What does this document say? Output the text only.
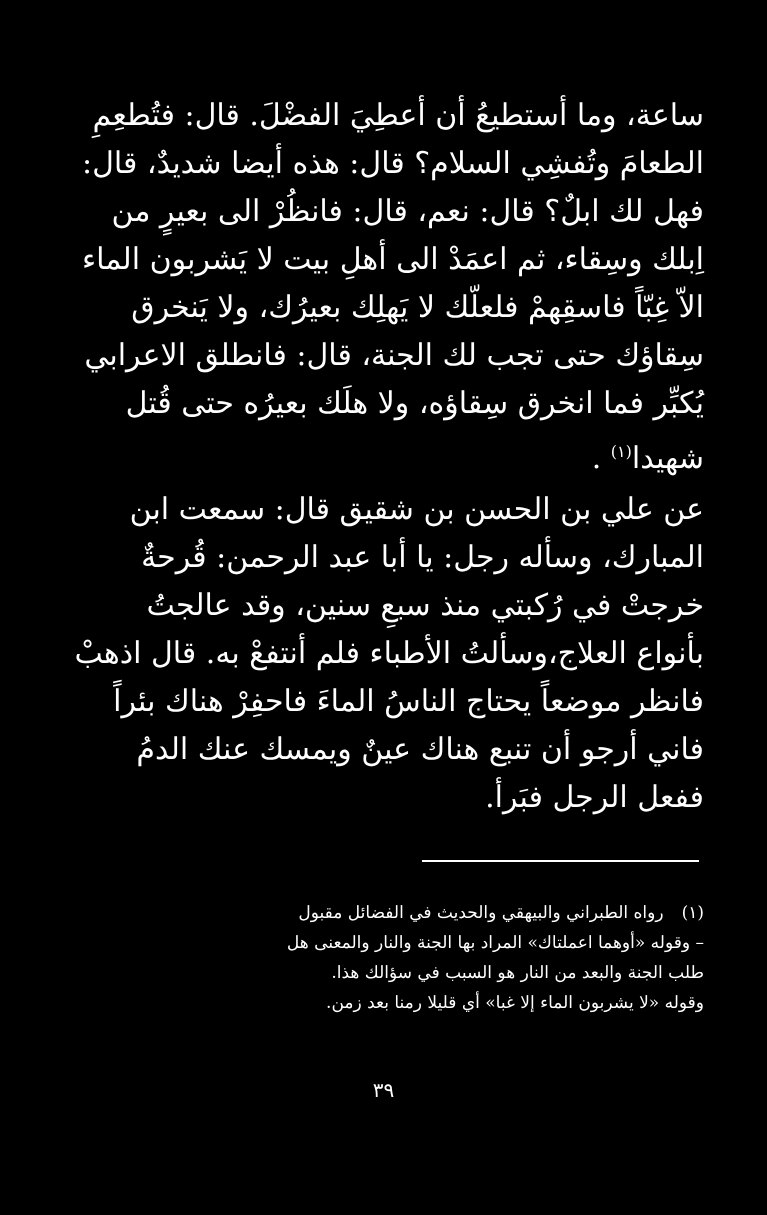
ساعة، وما أستطيعُ أن أعطِيَ الفضْلَ. قال: فتُطعِمِ
الطعامَ وتُفشِي السلام؟ قال: هذه أيضا شديدٌ، قال:
فهل لك ابلٌ؟ قال: نعم، قال: فانظُرْ الى بعيرٍ من
اِبلك وسِقاء، ثم اعمَدْ الى أهلِ بيت لا يَشربون الماء
الاّ غِبّاً فاسقِهمْ فلعلّك لا يَهلِك بعيرُك، ولا يَنخرق
سِقاؤك حتى تجب لك الجنة، قال: فانطلق الاعرابي
يُكبِّر فما انخرق سِقاؤه، ولا هلَك بعيرُه حتى قُتل
شهيدا$^{(١)}$ .
عن علي بن الحسن بن شقيق قال: سمعت ابن
المبارك، وسأله رجل: يا أبا عبد الرحمن: قُرحةٌ
خرجتْ في رُكبتي منذ سبعِ سنين، وقد عالجتُ
بأنواع العلاج،وسألتُ الأطباء فلم أنتفعْ به. قال اذهبْ
فانظر موضعاً يحتاج الناسُ الماءَ فاحفِرْ هناك بئراً
فاني أرجو أن تنبع هناك عينٌ ويمسك عنك الدمُ
ففعل الرجل فبَرأ.
(١)رواه الطبراني والبيهقي والحديث في الفضائل مقبول
– وقوله «أوهما اعملتاك» المراد بها الجنة والنار والمعنى هل
طلب الجنة والبعد من النار هو السبب في سؤالك هذا.
وقوله «لا يشربون الماء إلا غبا» أي قليلا رمنا بعد زمن.
٣٩
